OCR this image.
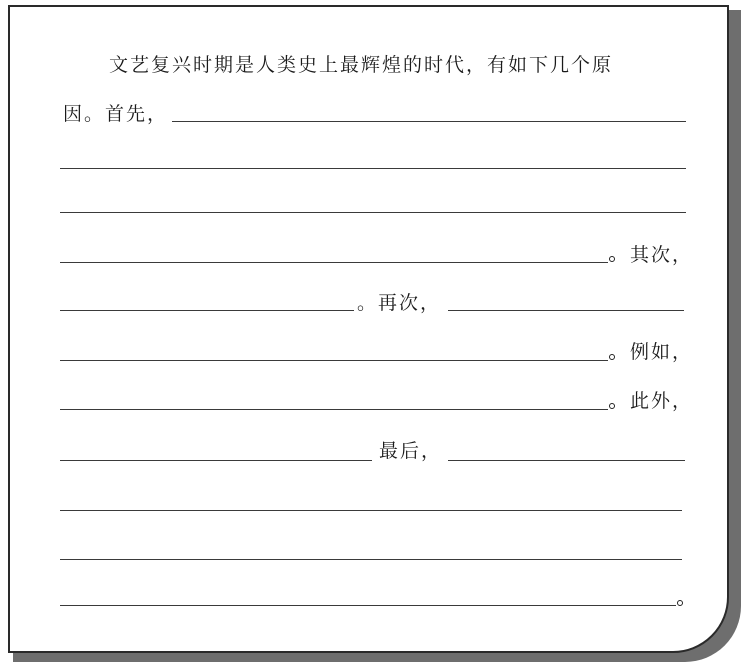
文艺复兴时期是人类史上最辉煌的时代，有如下几个原
因。首先，
其次，
。再次，
例如，
此外，
最后，
